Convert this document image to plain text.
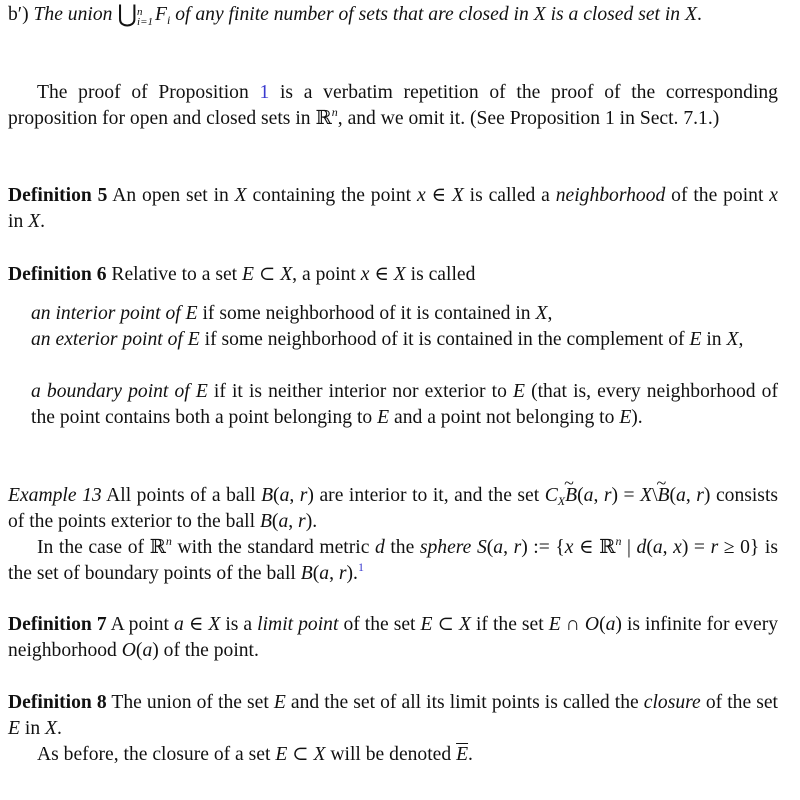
b′) The union ⋃ n
i=1 $F_i$ of any finite number of sets that are closed in X is a closed set in X.

The proof of Proposition 1 is a verbatim repetition of the proof of the corresponding proposition for open and closed sets in ℝ$^n$, and we omit it. (See Proposition 1 in Sect. 7.1.)

Definition 5 An open set in X containing the point x ∈ X is called a neighborhood of the point x in X.

Definition 6 Relative to a set E ⊂ X, a point x ∈ X is called

an interior point of E if some neighborhood of it is contained in X,

an exterior point of E if some neighborhood of it is contained in the complement of E in X,

a boundary point of E if it is neither interior nor exterior to E (that is, every neighborhood of the point contains both a point belonging to E and a point not belonging to E).

Example 13 All points of a ball B(a, r) are interior to it, and the set $C_X\sim$ B(a, r) = X\~ B(a, r) consists of the points exterior to the ball B(a, r).

In the case of ℝ$^n$ with the standard metric d the sphere S(a, r) := {x ∈ ℝ$^n$ | d(a, x) = r ≥ 0} is the set of boundary points of the ball B(a, r).$^1$

Definition 7 A point a ∈ X is a limit point of the set E ⊂ X if the set E ∩ O(a) is infinite for every neighborhood O(a) of the point.

Definition 8 The union of the set E and the set of all its limit points is called the closure of the set E in X.

As before, the closure of a set E ⊂ X will be denoted $\overline{E}$.
